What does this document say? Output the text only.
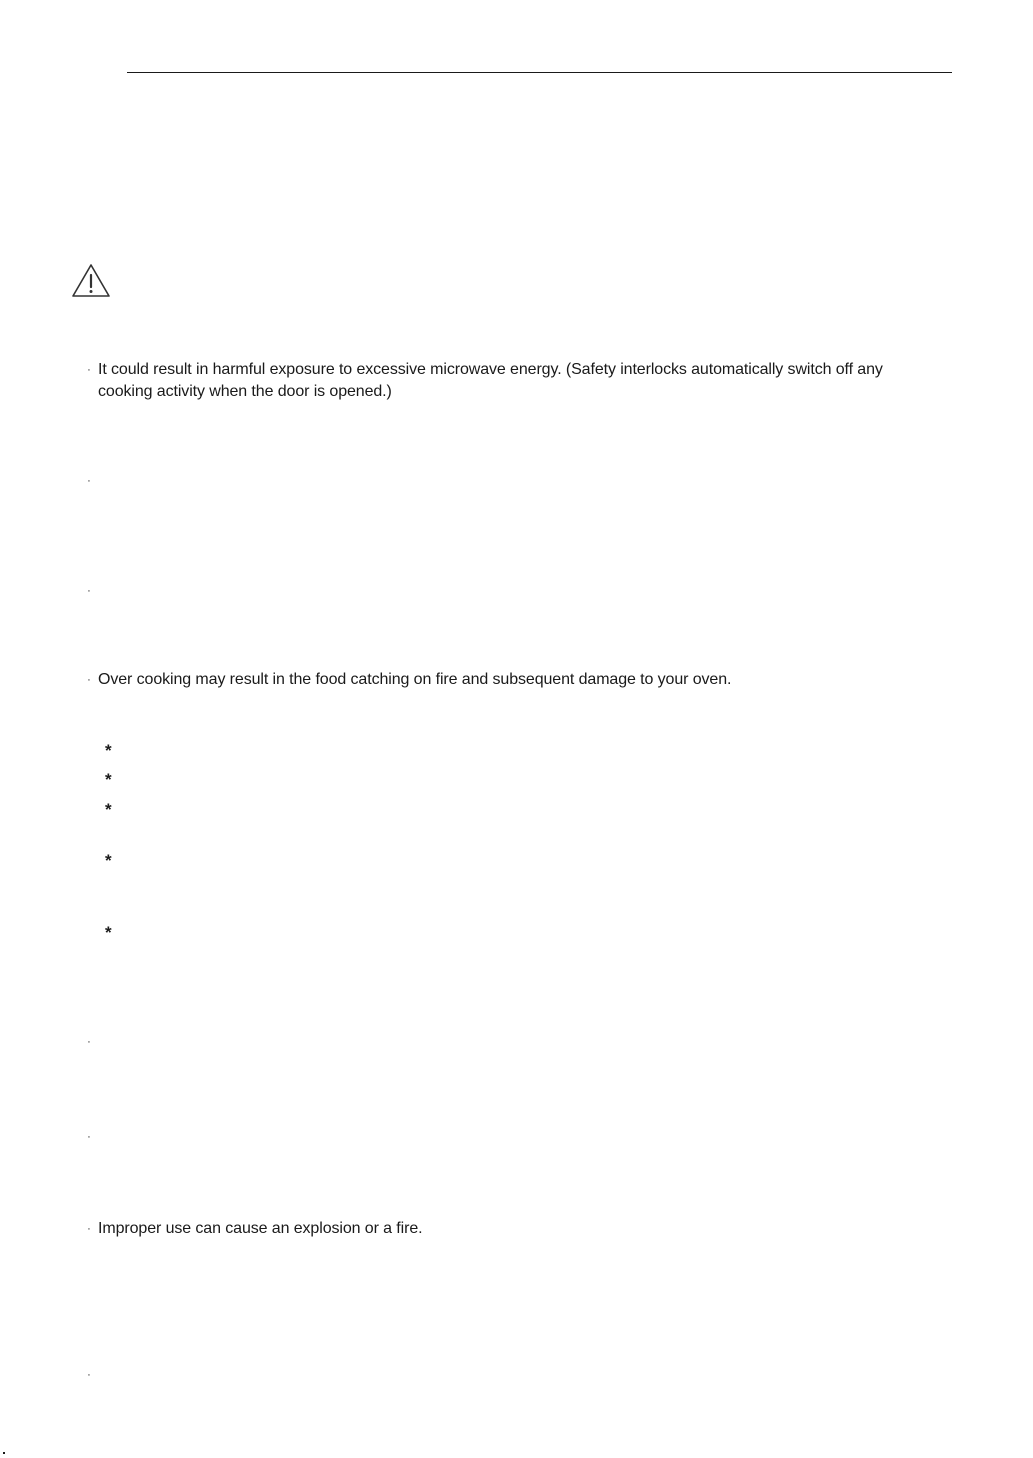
· It could result in harmful exposure to excessive microwave energy. (Safety interlocks automatically switch off any cooking activity when the door is opened.)
·
·
· Over cooking may result in the food catching on fire and subsequent damage to your oven.
*
*
*
*
*
·
·
· Improper use can cause an explosion or a fire.
·
